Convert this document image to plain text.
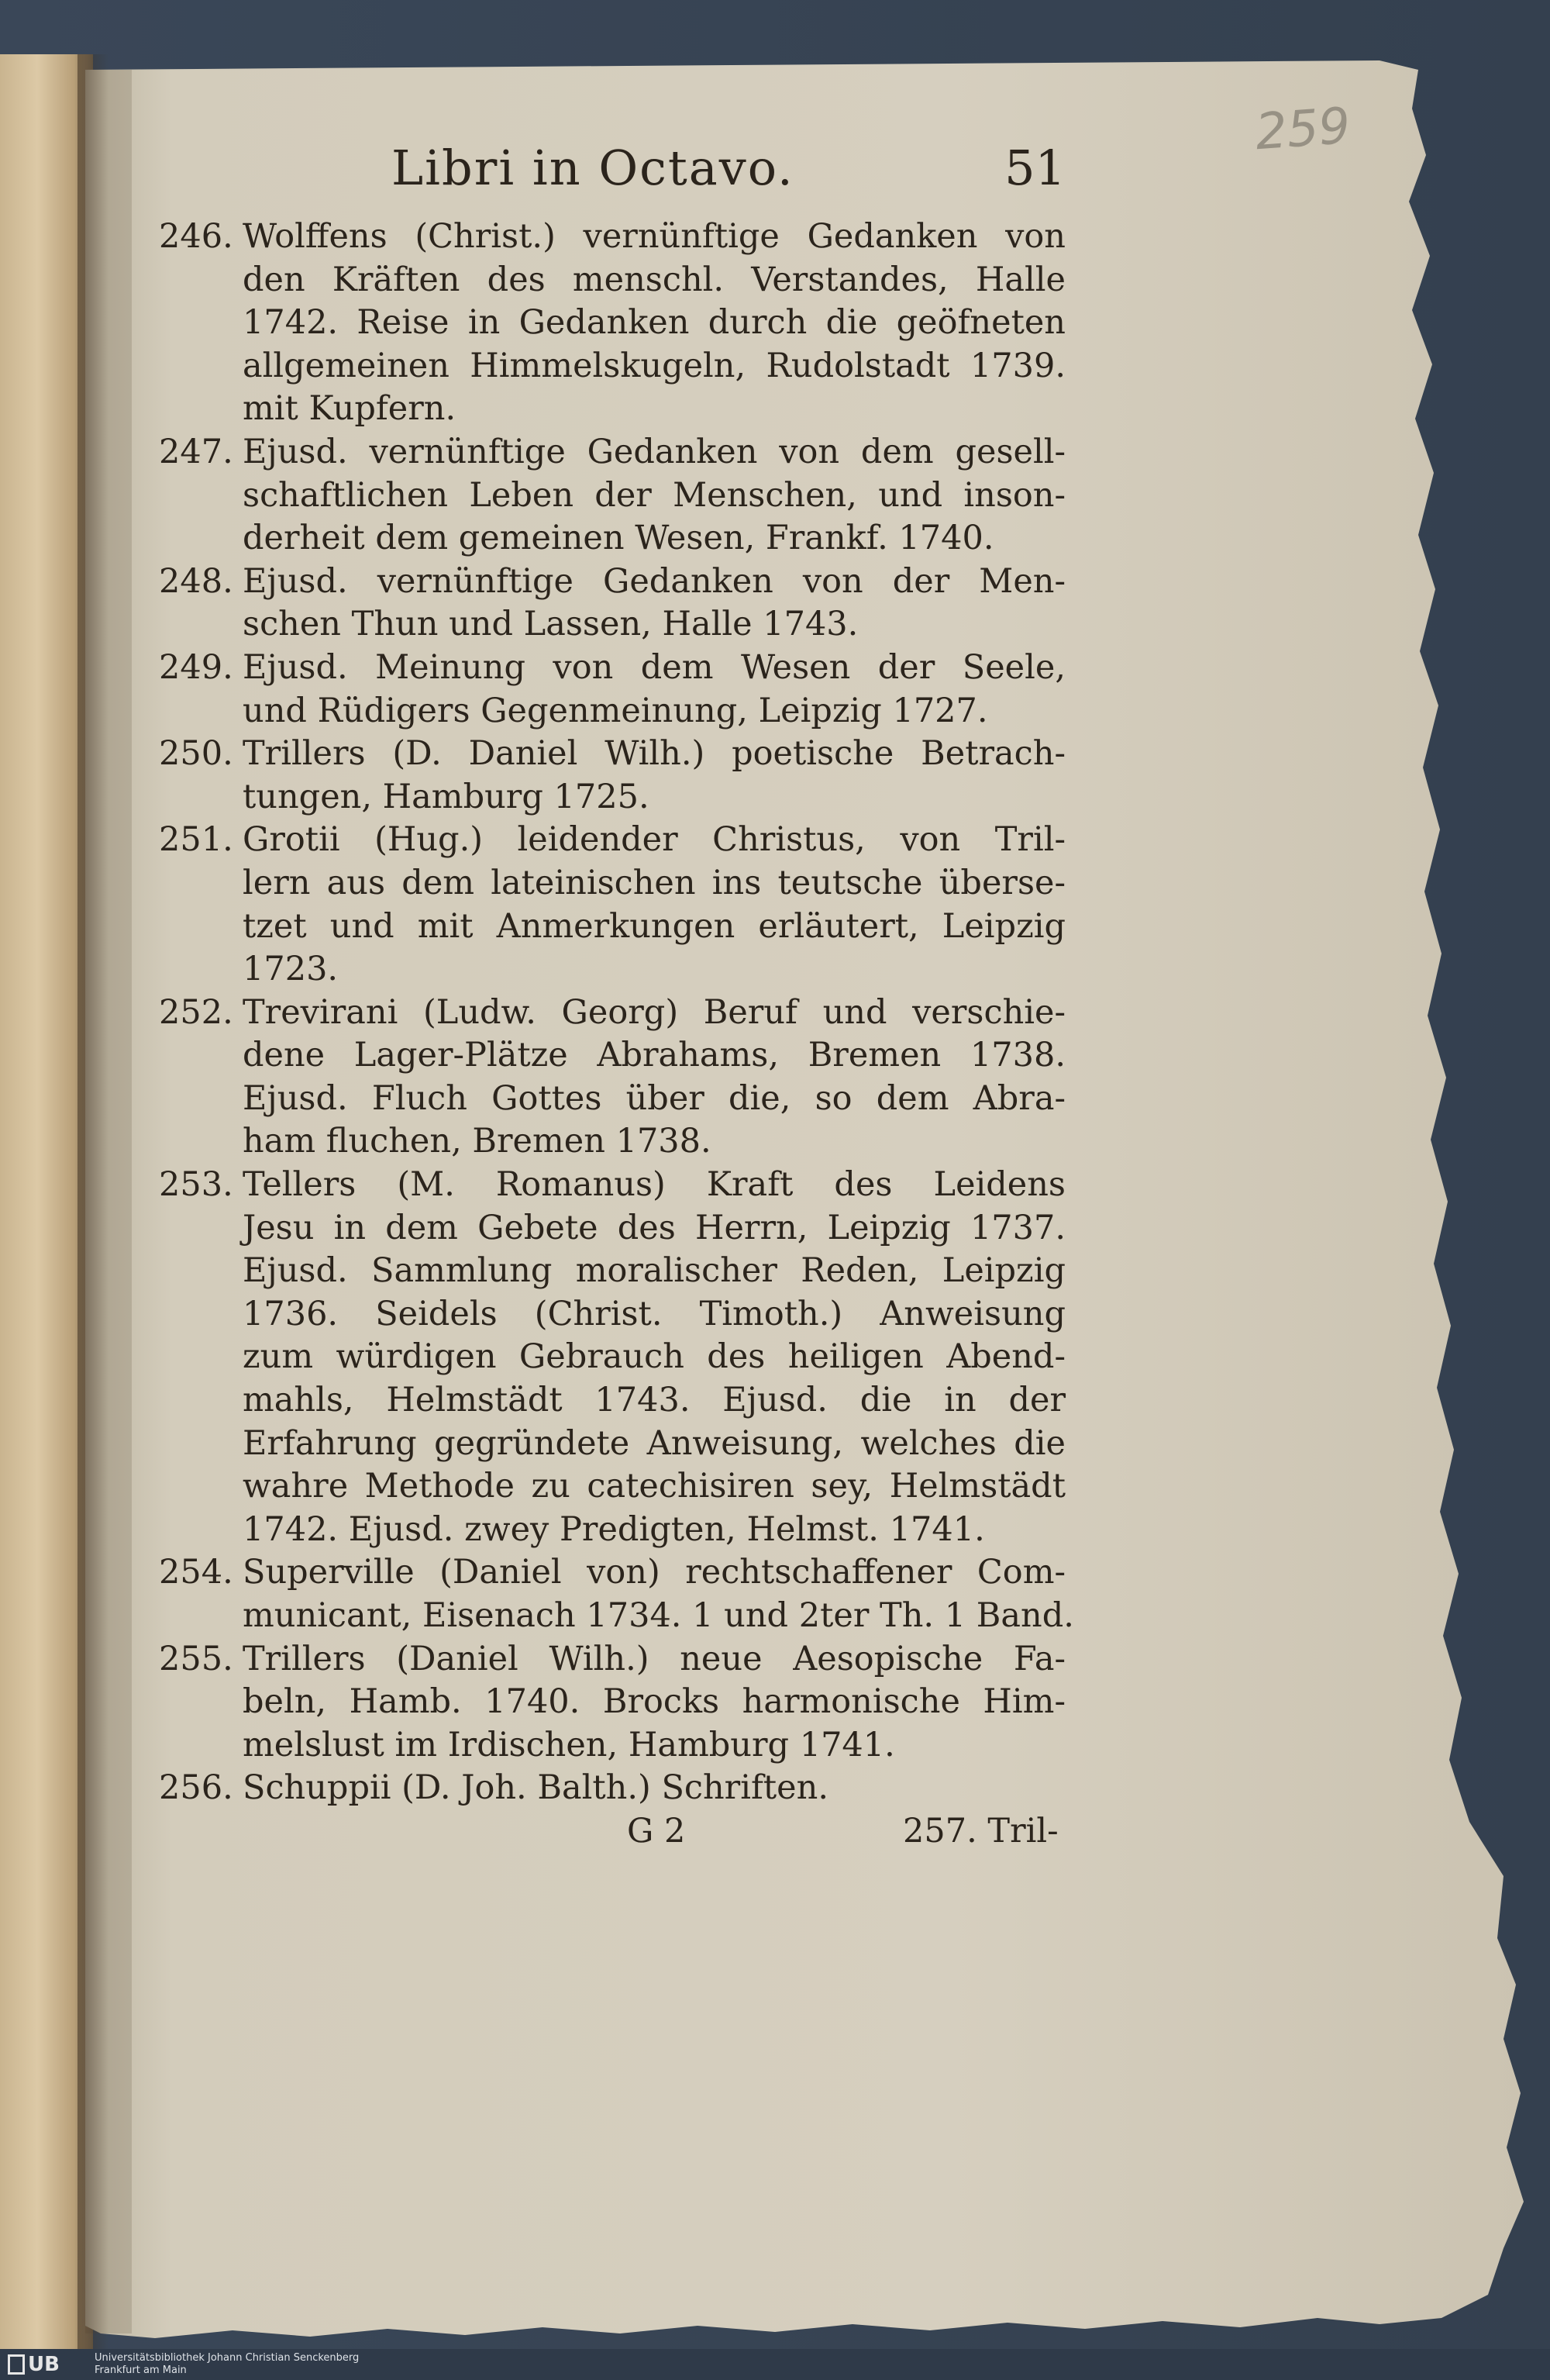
259
Libri in Octavo.	51
246. Wolffens (Christ.) vernünftige Gedanken von
den Kräften des menschl. Verstandes, Halle
1742. Reise in Gedanken durch die geöfneten
allgemeinen Himmelskugeln, Rudolstadt 1739.
mit Kupfern.
247. Ejusd. vernünftige Gedanken von dem gesell-
schaftlichen Leben der Menschen, und inson-
derheit dem gemeinen Wesen, Frankf. 1740.
248. Ejusd. vernünftige Gedanken von der Men-
schen Thun und Lassen, Halle 1743.
249. Ejusd. Meinung von dem Wesen der Seele,
und Rüdigers Gegenmeinung, Leipzig 1727.
250. Trillers (D. Daniel Wilh.) poetische Betrach-
tungen, Hamburg 1725.
251. Grotii (Hug.) leidender Christus, von Tril-
lern aus dem lateinischen ins teutsche überse-
tzet und mit Anmerkungen erläutert, Leipzig
1723.
252. Trevirani (Ludw. Georg) Beruf und verschie-
dene Lager-Plätze Abrahams, Bremen 1738.
Ejusd. Fluch Gottes über die, so dem Abra-
ham fluchen, Bremen 1738.
253. Tellers (M. Romanus) Kraft des Leidens
Jesu in dem Gebete des Herrn, Leipzig 1737.
Ejusd. Sammlung moralischer Reden, Leipzig
1736. Seidels (Christ. Timoth.) Anweisung
zum würdigen Gebrauch des heiligen Abend-
mahls, Helmstädt 1743. Ejusd. die in der
Erfahrung gegründete Anweisung, welches die
wahre Methode zu catechisiren sey, Helmstädt
1742. Ejusd. zwey Predigten, Helmst. 1741.
254. Superville (Daniel von) rechtschaffener Com-
municant, Eisenach 1734. 1 und 2ter Th. 1 Band.
255. Trillers (Daniel Wilh.) neue Aesopische Fa-
beln, Hamb. 1740. Brocks harmonische Him-
melslust im Irdischen, Hamburg 1741.
256. Schuppii (D. Joh. Balth.) Schriften.
G 2	257. Tril-
UB	Universitätsbibliothek Johann Christian Senckenberg
Frankfurt am Main
